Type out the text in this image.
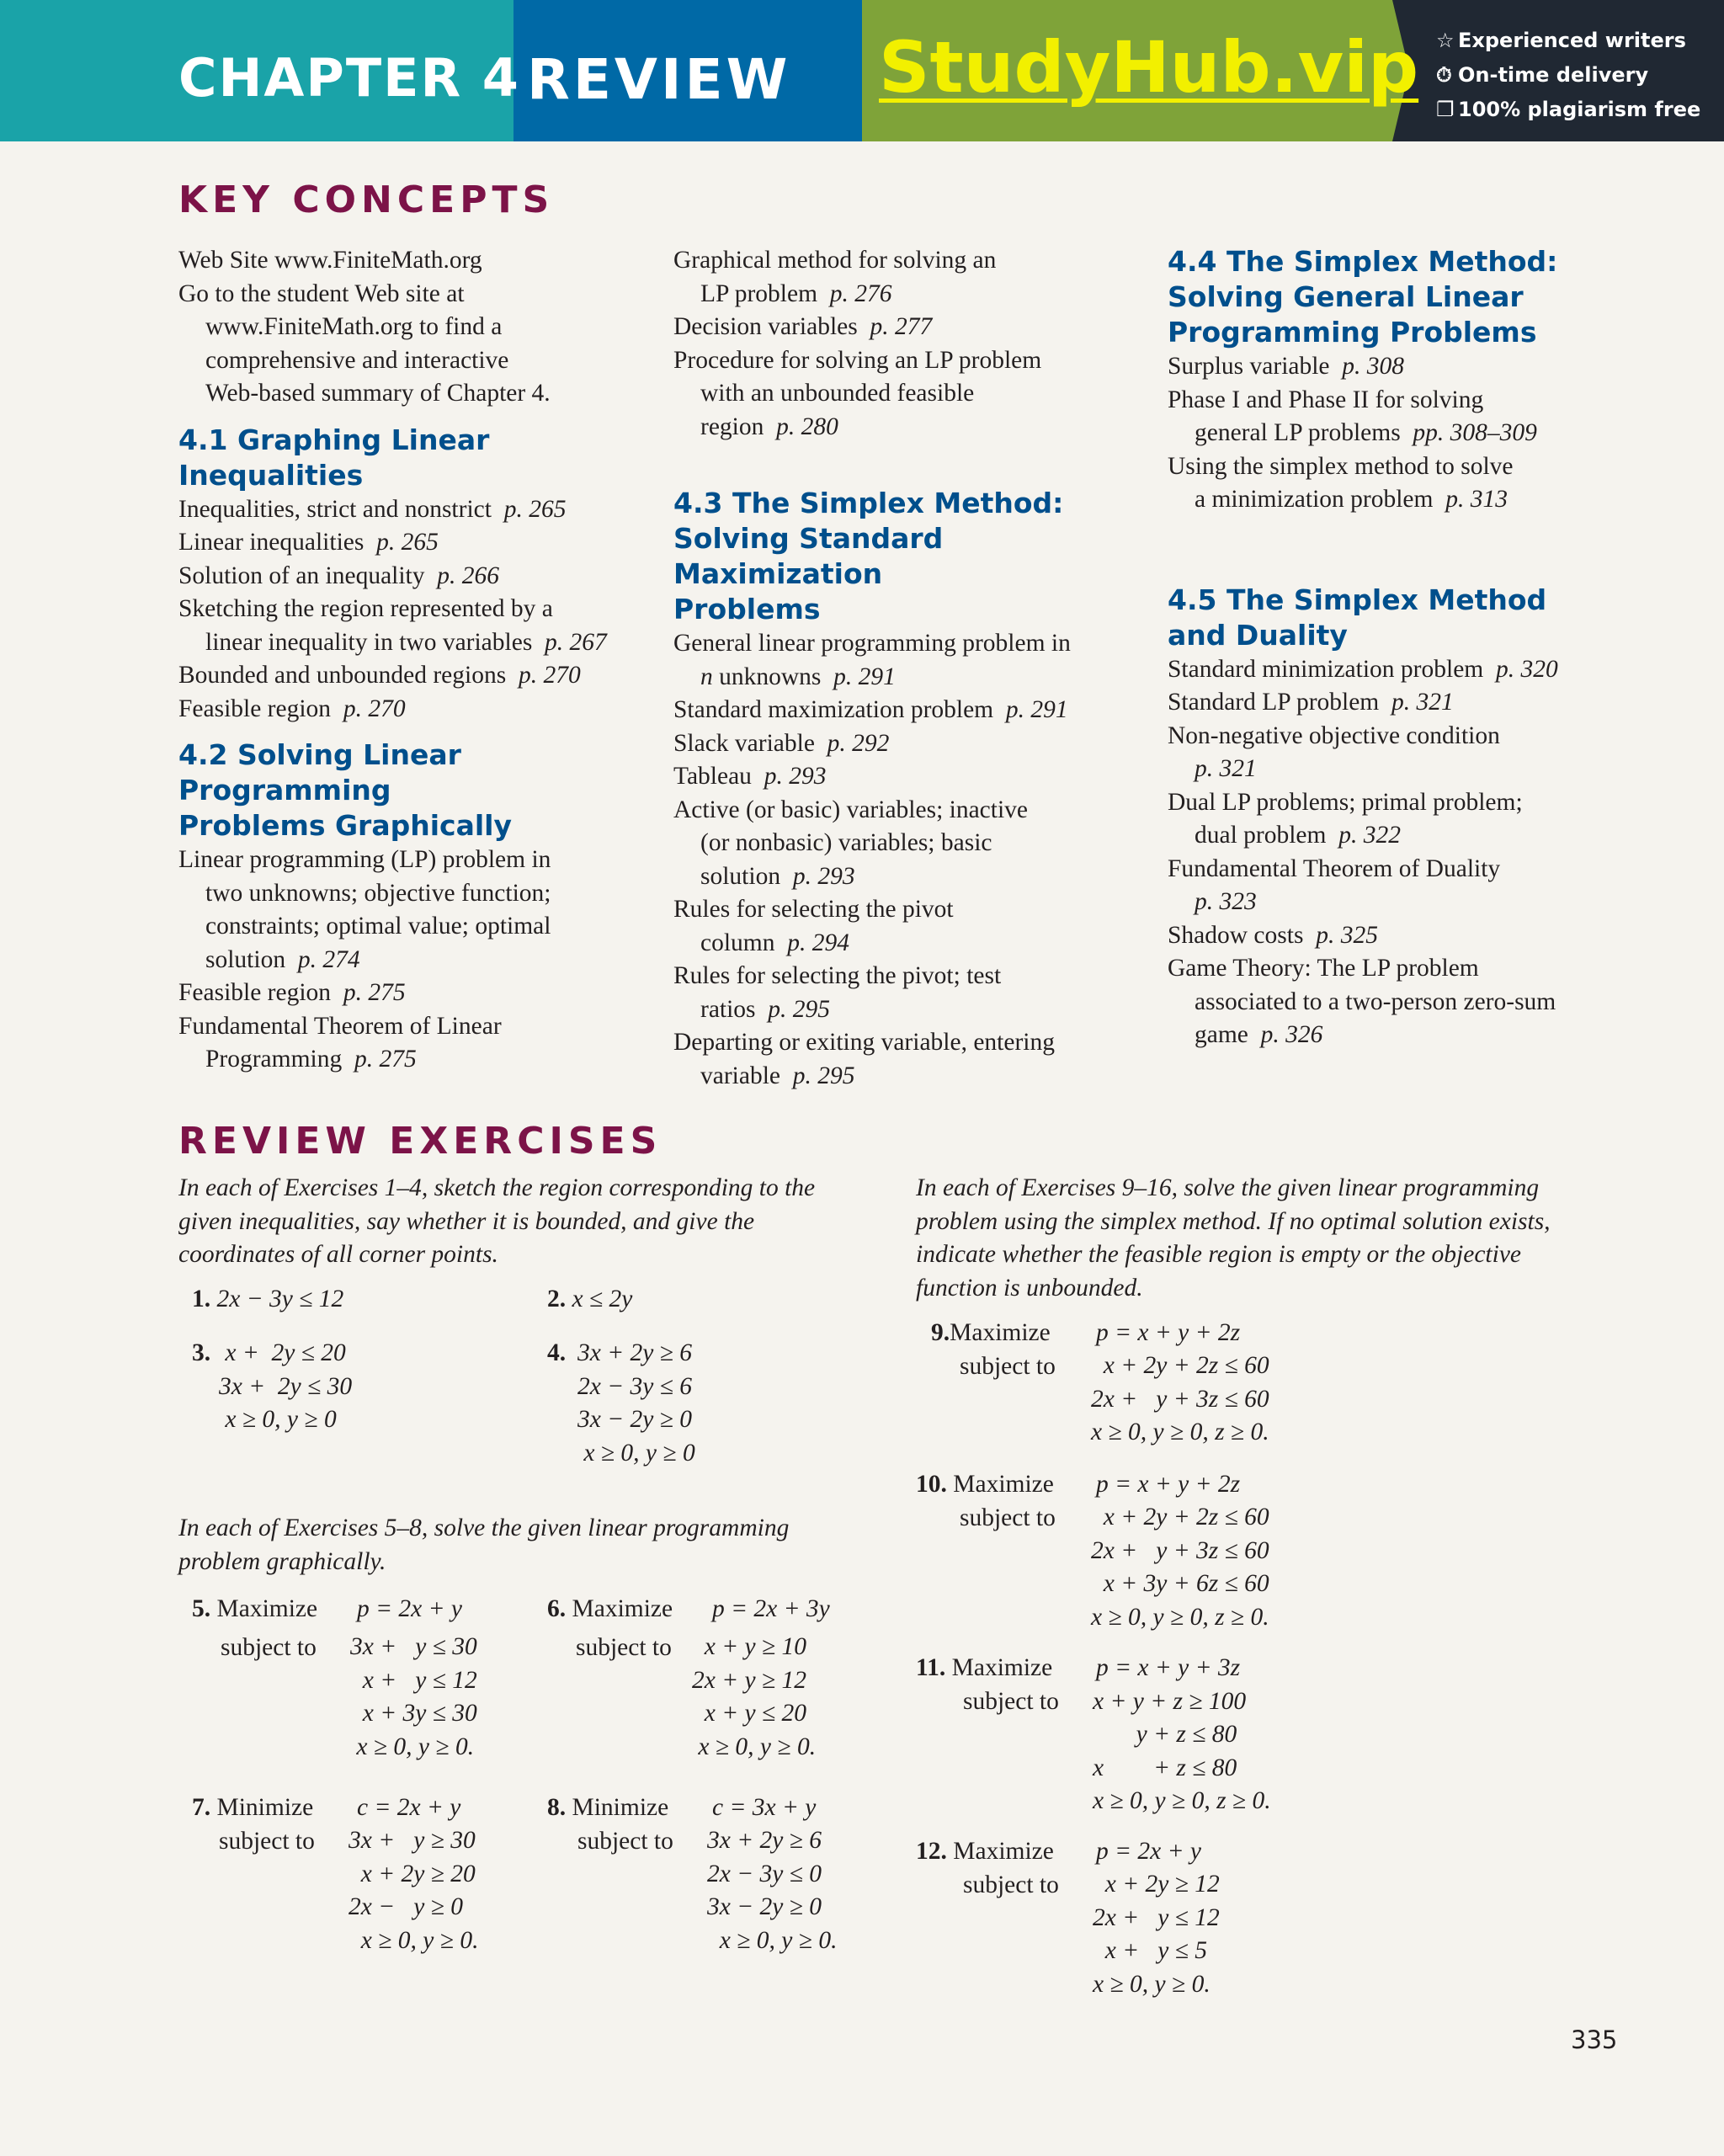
CHAPTER 4 REVIEW StudyHub.vip ☆ Experienced writers
⏱ On-time delivery
❐ 100% plagiarism free
KEY CONCEPTS
Web Site www.FiniteMath.org
Go to the student Web site at
www.FiniteMath.org to find a
comprehensive and interactive
Web-based summary of Chapter 4.
4.1 Graphing Linear
Inequalities
Inequalities, strict and nonstrict p. 265
Linear inequalities p. 265
Solution of an inequality p. 266
Sketching the region represented by a
linear inequality in two variables p. 267
Bounded and unbounded regions p. 270
Feasible region p. 270
4.2 Solving Linear Programming
Problems Graphically
Linear programming (LP) problem in
two unknowns; objective function;
constraints; optimal value; optimal
solution p. 274
Feasible region p. 275
Fundamental Theorem of Linear
Programming p. 275
Graphical method for solving an
LP problem p. 276
Decision variables p. 277
Procedure for solving an LP problem
with an unbounded feasible
region p. 280
4.3 The Simplex Method:
Solving Standard Maximization
Problems
General linear programming problem in
n unknowns p. 291
Standard maximization problem p. 291
Slack variable p. 292
Tableau p. 293
Active (or basic) variables; inactive
(or nonbasic) variables; basic
solution p. 293
Rules for selecting the pivot
column p. 294
Rules for selecting the pivot; test
ratios p. 295
Departing or exiting variable, entering
variable p. 295
4.4 The Simplex Method:
Solving General Linear
Programming Problems
Surplus variable p. 308
Phase I and Phase II for solving
general LP problems pp. 308–309
Using the simplex method to solve
a minimization problem p. 313
4.5 The Simplex Method
and Duality
Standard minimization problem p. 320
Standard LP problem p. 321
Non-negative objective condition
p. 321
Dual LP problems; primal problem;
dual problem p. 322
Fundamental Theorem of Duality
p. 323
Shadow costs p. 325
Game Theory: The LP problem
associated to a two-person zero-sum
game p. 326
REVIEW EXERCISES
In each of Exercises 1–4, sketch the region corresponding to the
given inequalities, say whether it is bounded, and give the
coordinates of all corner points.
1. 2x − 3y ≤ 12	2. x ≤ 2y
3. x +  2y ≤ 20
3x +  2y ≤ 30
x ≥ 0, y ≥ 0
4. 3x + 2y ≥ 6
2x − 3y ≤ 6
3x − 2y ≥ 0
x ≥ 0, y ≥ 0
In each of Exercises 5–8, solve the given linear programming
problem graphically.
5. Maximize p = 2x + y
subject to	3x +   y ≤ 30
x +   y ≤ 12
x + 3y ≤ 30
x ≥ 0, y ≥ 0.
6. Maximize p = 2x + 3y
subject to x + y ≥ 10
2x + y ≥ 12
x + y ≤ 20
x ≥ 0, y ≥ 0.
7. Minimize c = 2x + y
subject to	3x +   y ≥ 30
x + 2y ≥ 20
2x −   y ≥ 0
x ≥ 0, y ≥ 0.
8. Minimize c = 3x + y
subject to	3x + 2y ≥ 6
2x − 3y ≤ 0
3x − 2y ≥ 0
x ≥ 0, y ≥ 0.
In each of Exercises 9–16, solve the given linear programming
problem using the simplex method. If no optimal solution exists,
indicate whether the feasible region is empty or the objective
function is unbounded.
9.Maximize p = x + y + 2z
subject to	x + 2y + 2z ≤ 60
2x +   y + 3z ≤ 60
x ≥ 0, y ≥ 0, z ≥ 0.
10. Maximize p = x + y + 2z
subject to	x + 2y + 2z ≤ 60
2x +   y + 3z ≤ 60
x + 3y + 6z ≤ 60
x ≥ 0, y ≥ 0, z ≥ 0.
11. Maximize p = x + y + 3z
subject to x + y + z ≥ 100
y + z ≤ 80
x        + z ≤ 80
x ≥ 0, y ≥ 0, z ≥ 0.
12. Maximize p = 2x + y
subject to	x + 2y ≥ 12
2x +   y ≤ 12
x +   y ≤ 5
x ≥ 0, y ≥ 0.
335
